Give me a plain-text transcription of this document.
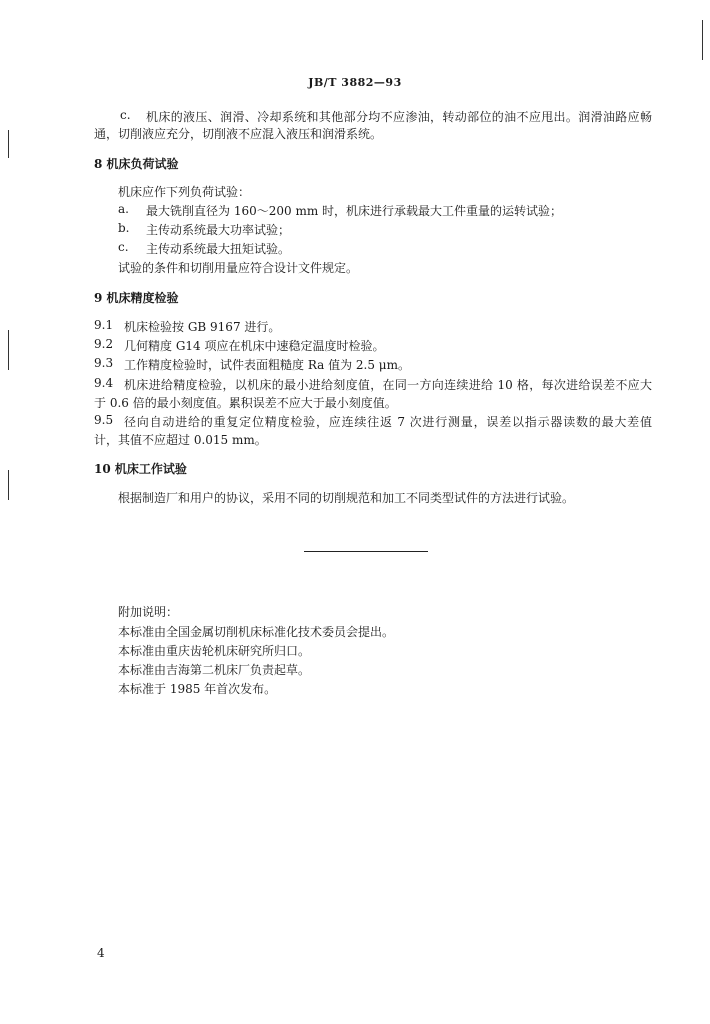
JB/T 3882—93
c. 机床的液压、润滑、冷却系统和其他部分均不应渗油，转动部位的油不应甩出。润滑油路应畅
通，切削液应充分，切削液不应混入液压和润滑系统。
8 机床负荷试验
机床应作下列负荷试验：
a. 最大铣削直径为 160～200 mm 时，机床进行承载最大工件重量的运转试验；
b. 主传动系统最大功率试验；
c. 主传动系统最大扭矩试验。
试验的条件和切削用量应符合设计文件规定。
9 机床精度检验
9.1 机床检验按 GB 9167 进行。
9.2 几何精度 G14 项应在机床中速稳定温度时检验。
9.3 工作精度检验时，试件表面粗糙度 Ra 值为 2.5 μm。
9.4 机床进给精度检验，以机床的最小进给刻度值，在同一方向连续进给 10 格，每次进给误差不应大
于 0.6 倍的最小刻度值。累积误差不应大于最小刻度值。
9.5 径向自动进给的重复定位精度检验，应连续往返 7 次进行测量，误差以指示器读数的最大差值
计，其值不应超过 0.015 mm。
10 机床工作试验
根据制造厂和用户的协议，采用不同的切削规范和加工不同类型试件的方法进行试验。
附加说明：
本标准由全国金属切削机床标准化技术委员会提出。
本标准由重庆齿轮机床研究所归口。
本标准由吉海第二机床厂负责起草。
本标准于 1985 年首次发布。
4
